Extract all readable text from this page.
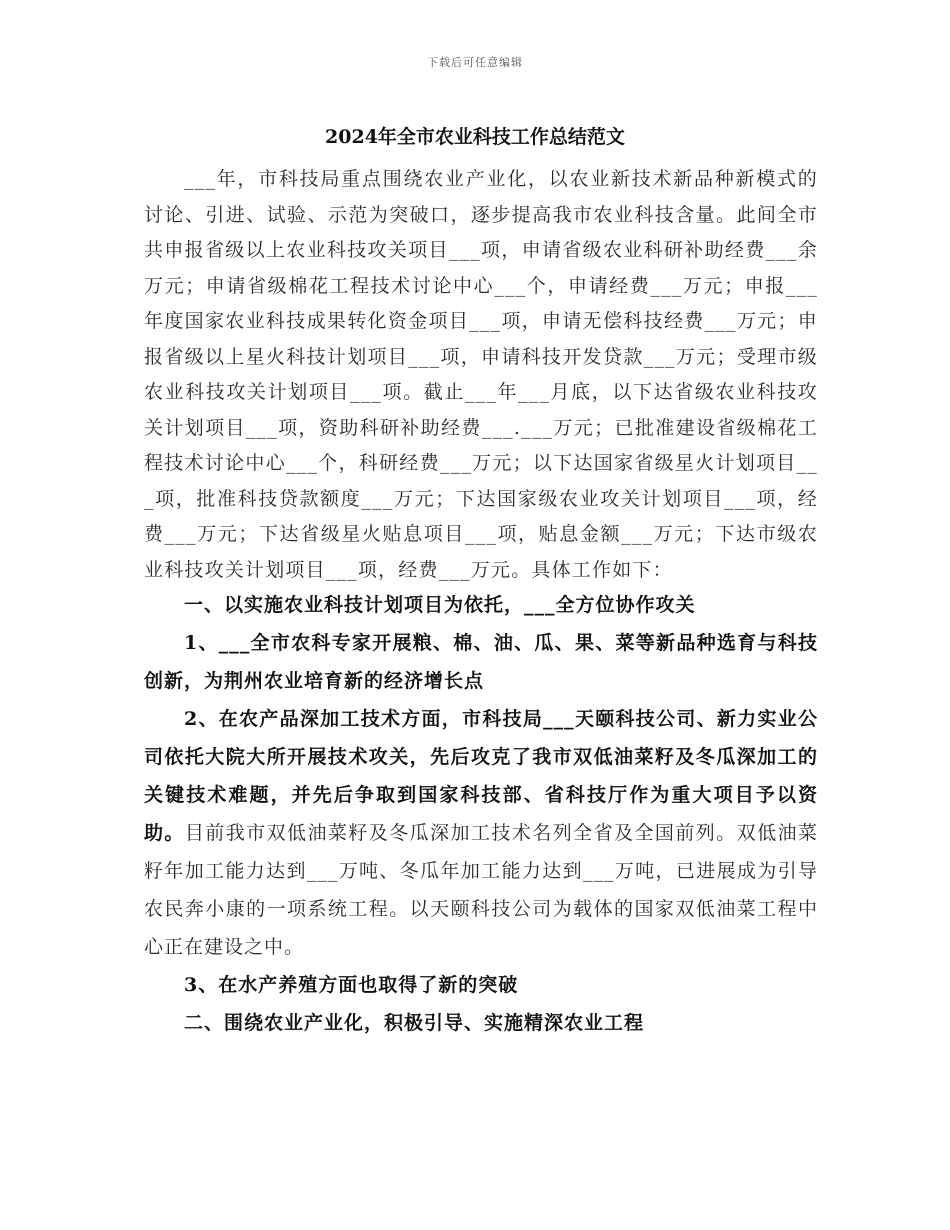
下载后可任意编辑
2024年全市农业科技工作总结范文

___年，市科技局重点围绕农业产业化，以农业新技术新品种新模式的讨论、引进、试验、示范为突破口，逐步提高我市农业科技含量。此间全市共申报省级以上农业科技攻关项目___项，申请省级农业科研补助经费___余万元；申请省级棉花工程技术讨论中心___个，申请经费___万元；申报___年度国家农业科技成果转化资金项目___项，申请无偿科技经费___万元；申报省级以上星火科技计划项目___项，申请科技开发贷款___万元；受理市级农业科技攻关计划项目___项。截止___年___月底，以下达省级农业科技攻关计划项目___项，资助科研补助经费___.___万元；已批准建设省级棉花工程技术讨论中心___个，科研经费___万元；以下达国家省级星火计划项目___项，批准科技贷款额度___万元；下达国家级农业攻关计划项目___项，经费___万元；下达省级星火贴息项目___项，贴息金额___万元；下达市级农业科技攻关计划项目___项，经费___万元。具体工作如下：

一、以实施农业科技计划项目为依托，___全方位协作攻关

1、___全市农科专家开展粮、棉、油、瓜、果、菜等新品种选育与科技创新，为荆州农业培育新的经济增长点

2、在农产品深加工技术方面，市科技局___天颐科技公司、新力实业公司依托大院大所开展技术攻关，先后攻克了我市双低油菜籽及冬瓜深加工的关键技术难题，并先后争取到国家科技部、省科技厅作为重大项目予以资助。目前我市双低油菜籽及冬瓜深加工技术名列全省及全国前列。双低油菜籽年加工能力达到___万吨、冬瓜年加工能力达到___万吨，已进展成为引导农民奔小康的一项系统工程。以天颐科技公司为载体的国家双低油菜工程中心正在建设之中。

3、在水产养殖方面也取得了新的突破

二、围绕农业产业化，积极引导、实施精深农业工程
